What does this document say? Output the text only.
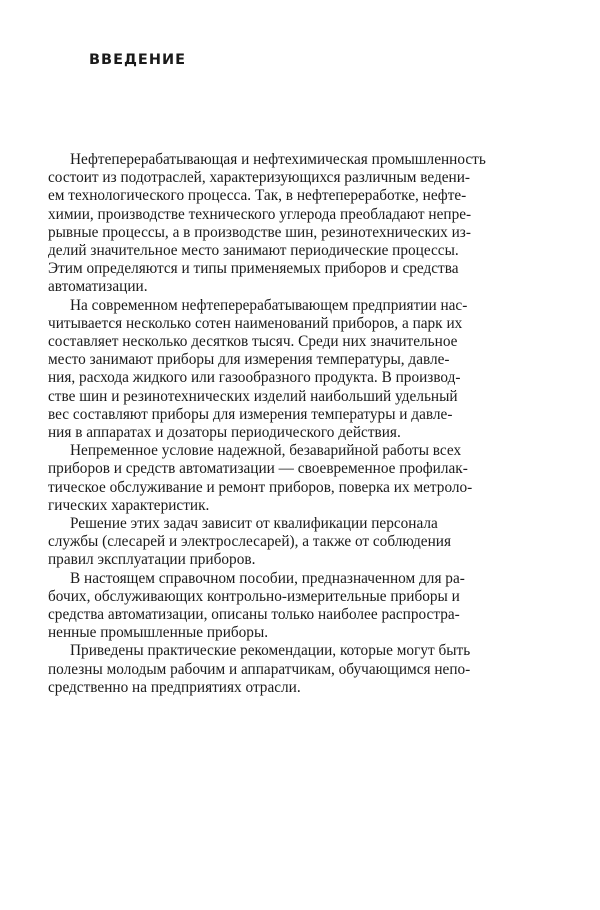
ВВЕДЕНИЕ

Нефтеперерабатывающая и нефтехимическая промышленность
состоит из подотраслей, характеризующихся различным ведени-
ем технологического процесса. Так, в нефтепереработке, нефте-
химии, производстве технического углерода преобладают непре-
рывные процессы, а в производстве шин, резинотехнических из-
делий значительное место занимают периодические процессы.
Этим определяются и типы применяемых приборов и средства
автоматизации.

На современном нефтеперерабатывающем предприятии нас-
читывается несколько сотен наименований приборов, а парк их
составляет несколько десятков тысяч. Среди них значительное
место занимают приборы для измерения температуры, давле-
ния, расхода жидкого или газообразного продукта. В производ-
стве шин и резинотехнических изделий наибольший удельный
вес составляют приборы для измерения температуры и давле-
ния в аппаратах и дозаторы периодического действия.

Непременное условие надежной, безаварийной работы всех
приборов и средств автоматизации — своевременное профилак-
тическое обслуживание и ремонт приборов, поверка их метроло-
гических характеристик.

Решение этих задач зависит от квалификации персонала
службы (слесарей и электрослесарей), а также от соблюдения
правил эксплуатации приборов.

В настоящем справочном пособии, предназначенном для ра-
бочих, обслуживающих контрольно-измерительные приборы и
средства автоматизации, описаны только наиболее распростра-
ненные промышленные приборы.

Приведены практические рекомендации, которые могут быть
полезны молодым рабочим и аппаратчикам, обучающимся непо-
средственно на предприятиях отрасли.
